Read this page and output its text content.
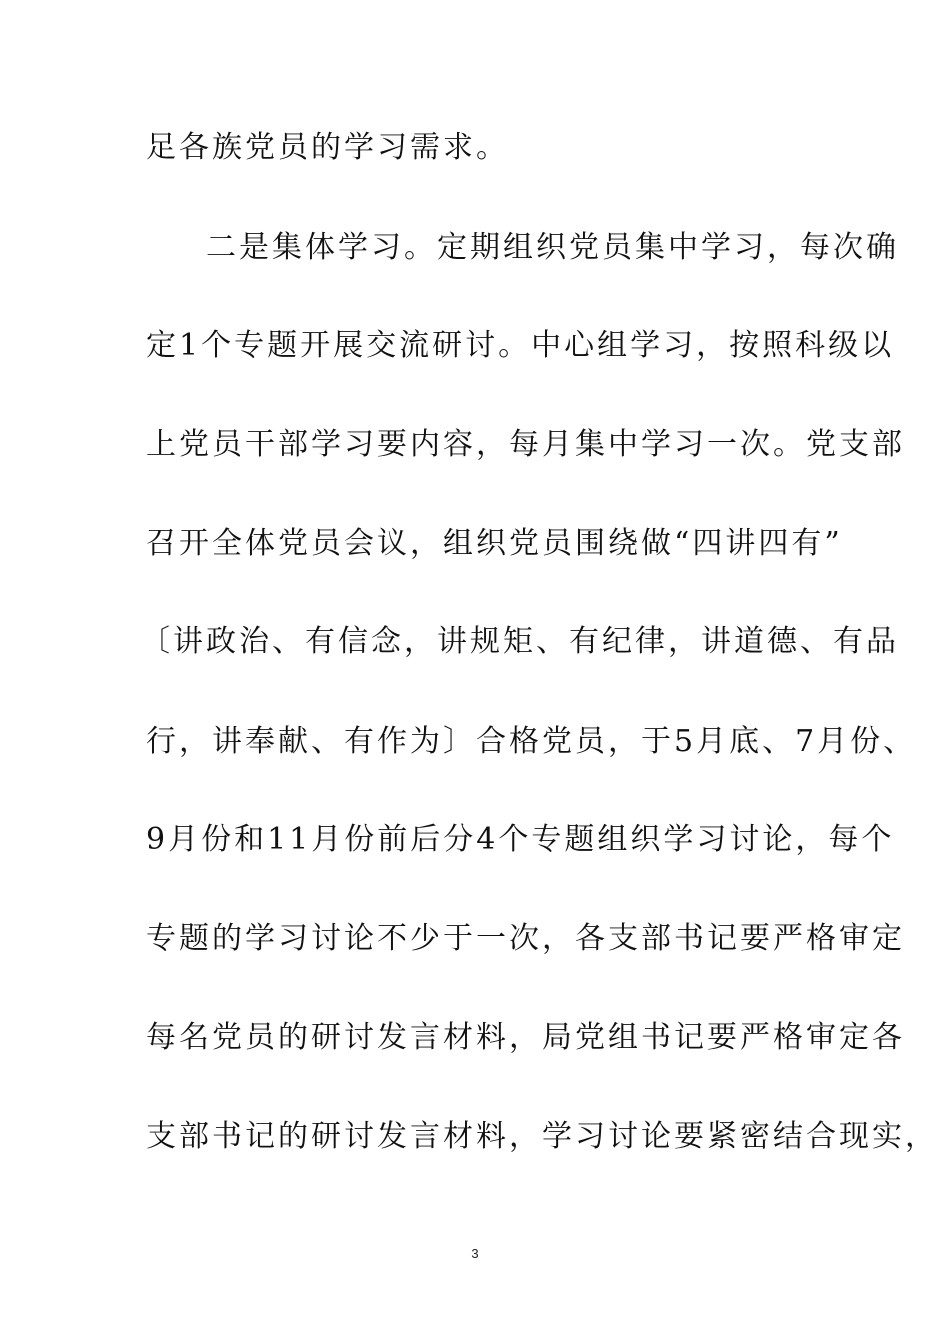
足各族党员的学习需求。
二是集体学习。定期组织党员集中学习，每次确
定1个专题开展交流研讨。中心组学习，按照科级以
上党员干部学习要内容，每月集中学习一次。党支部
召开全体党员会议，组织党员围绕做“四讲四有”
〔讲政治、有信念，讲规矩、有纪律，讲道德、有品
行，讲奉献、有作为〕合格党员，于5月底、7月份、
9月份和11月份前后分4个专题组织学习讨论，每个
专题的学习讨论不少于一次，各支部书记要严格审定
每名党员的研讨发言材料，局党组书记要严格审定各
支部书记的研讨发言材料，学习讨论要紧密结合现实，
3
